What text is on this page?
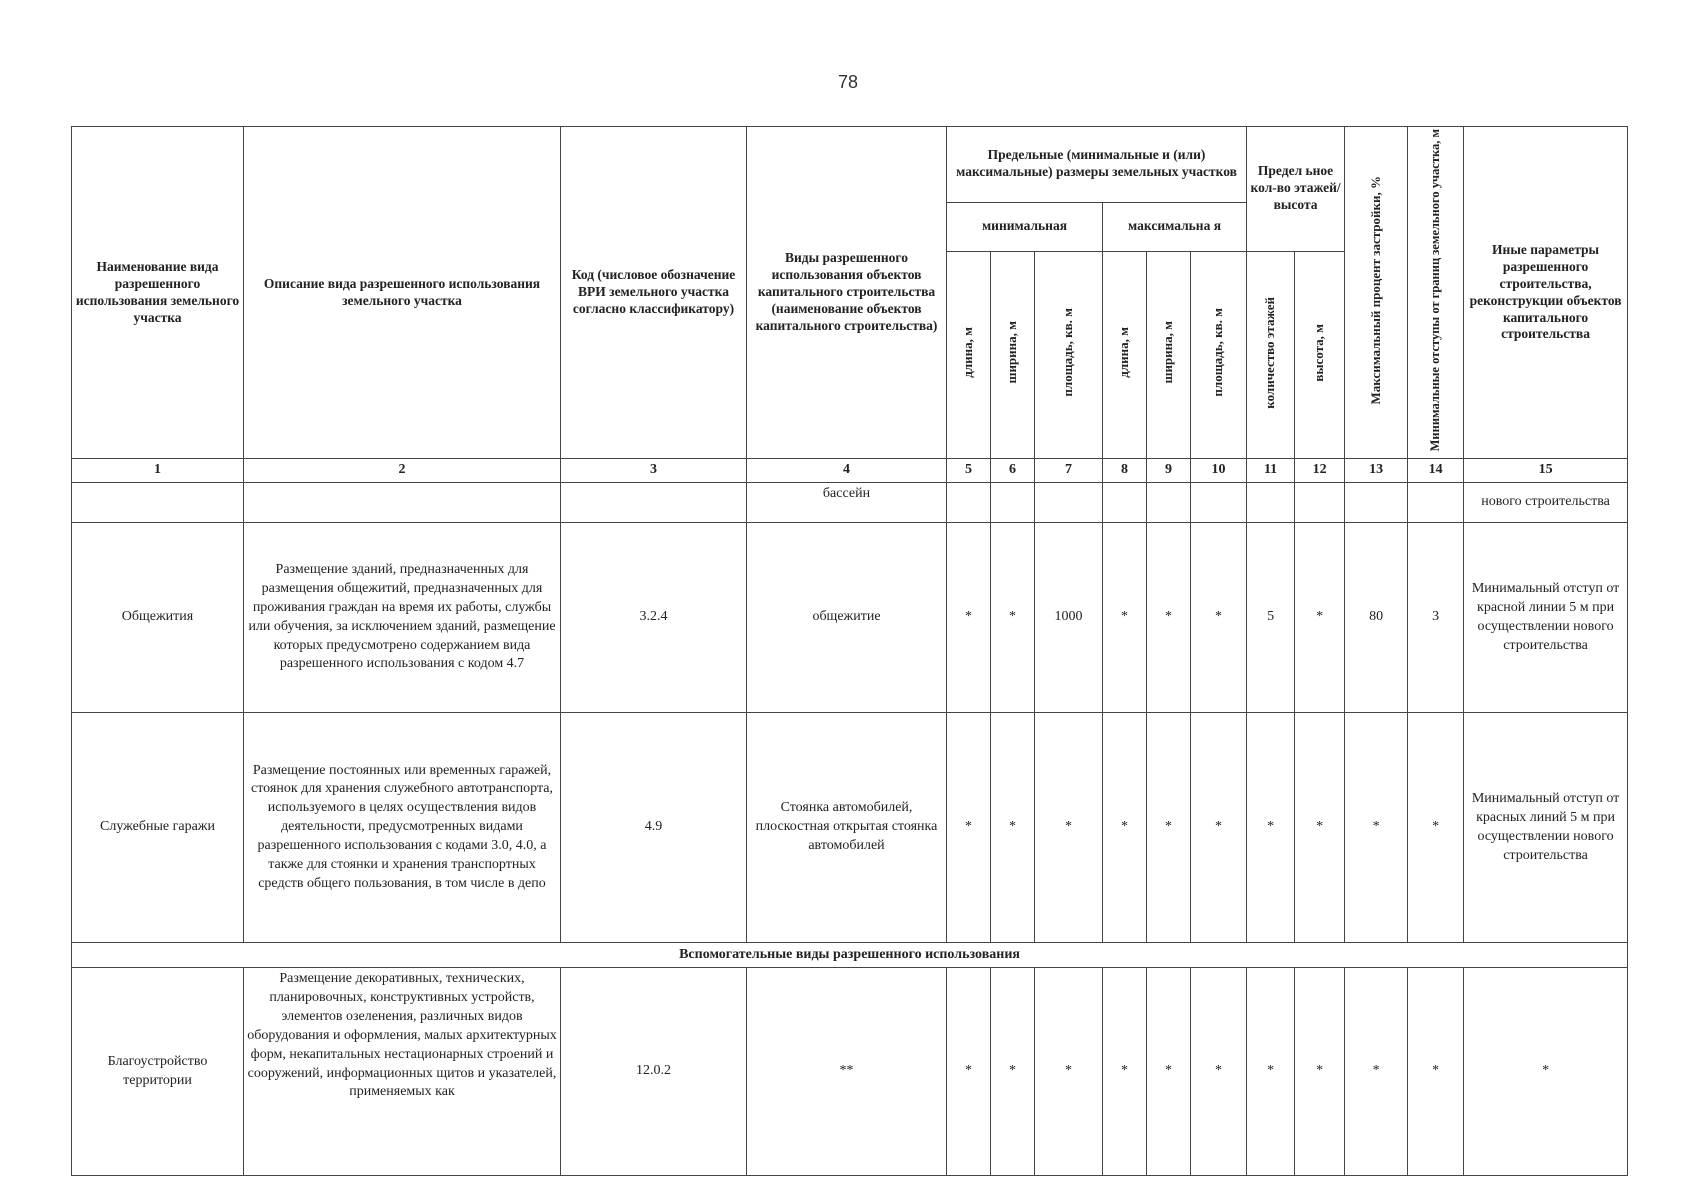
78
Наименование вида разрешенного использования земельного участка	Описание вида разрешенного использования земельного участка	Код (числовое обозначение ВРИ земельного участка согласно классификатору)	Виды разрешенного использования объектов капитального строительства (наименование объектов капитального строительства)	Предельные (минимальные и (или) максимальные) размеры земельных участков						Предел ьное кол-во этажей/ высота		Максимальный процент застройки, %	Минимальные отступы от границ земельного участка, м	Иные параметры разрешенного строительства, реконструкции объектов капитального строительства
				минимальная			максимальна я							
				длина, м	ширина, м	площадь, кв. м	длина, м	ширина, м	площадь, кв. м	количество этажей	высота, м			
1	2	3	4	5	6	7	8	9	10	11	12	13	14	15
			бассейн											нового строительства
Общежития	Размещение зданий, предназначенных для размещения общежитий, предназначенных для проживания граждан на время их работы, службы или обучения, за исключением зданий, размещение которых предусмотрено содержанием вида разрешенного использования с кодом 4.7	3.2.4	общежитие	*	*	1000	*	*	*	5	*	80	3	Минимальный отступ от красной линии 5 м при осуществлении нового строительства
Служебные гаражи	Размещение постоянных или временных гаражей, стоянок для хранения служебного автотранспорта, используемого в целях осуществления видов деятельности, предусмотренных видами разрешенного использования с кодами 3.0, 4.0, а также для стоянки и хранения транспортных средств общего пользования, в том числе в депо	4.9	Стоянка автомобилей, плоскостная открытая стоянка автомобилей	*	*	*	*	*	*	*	*	*	*	Минимальный отступ от красных линий 5 м при осуществлении нового строительства
Вспомогательные виды разрешенного использования														
Благоустройство территории	Размещение декоративных, технических, планировочных, конструктивных устройств, элементов озеленения, различных видов оборудования и оформления, малых архитектурных форм, некапитальных нестационарных строений и сооружений, информационных щитов и указателей, применяемых как	12.0.2	**	*	*	*	*	*	*	*	*	*	*	*
